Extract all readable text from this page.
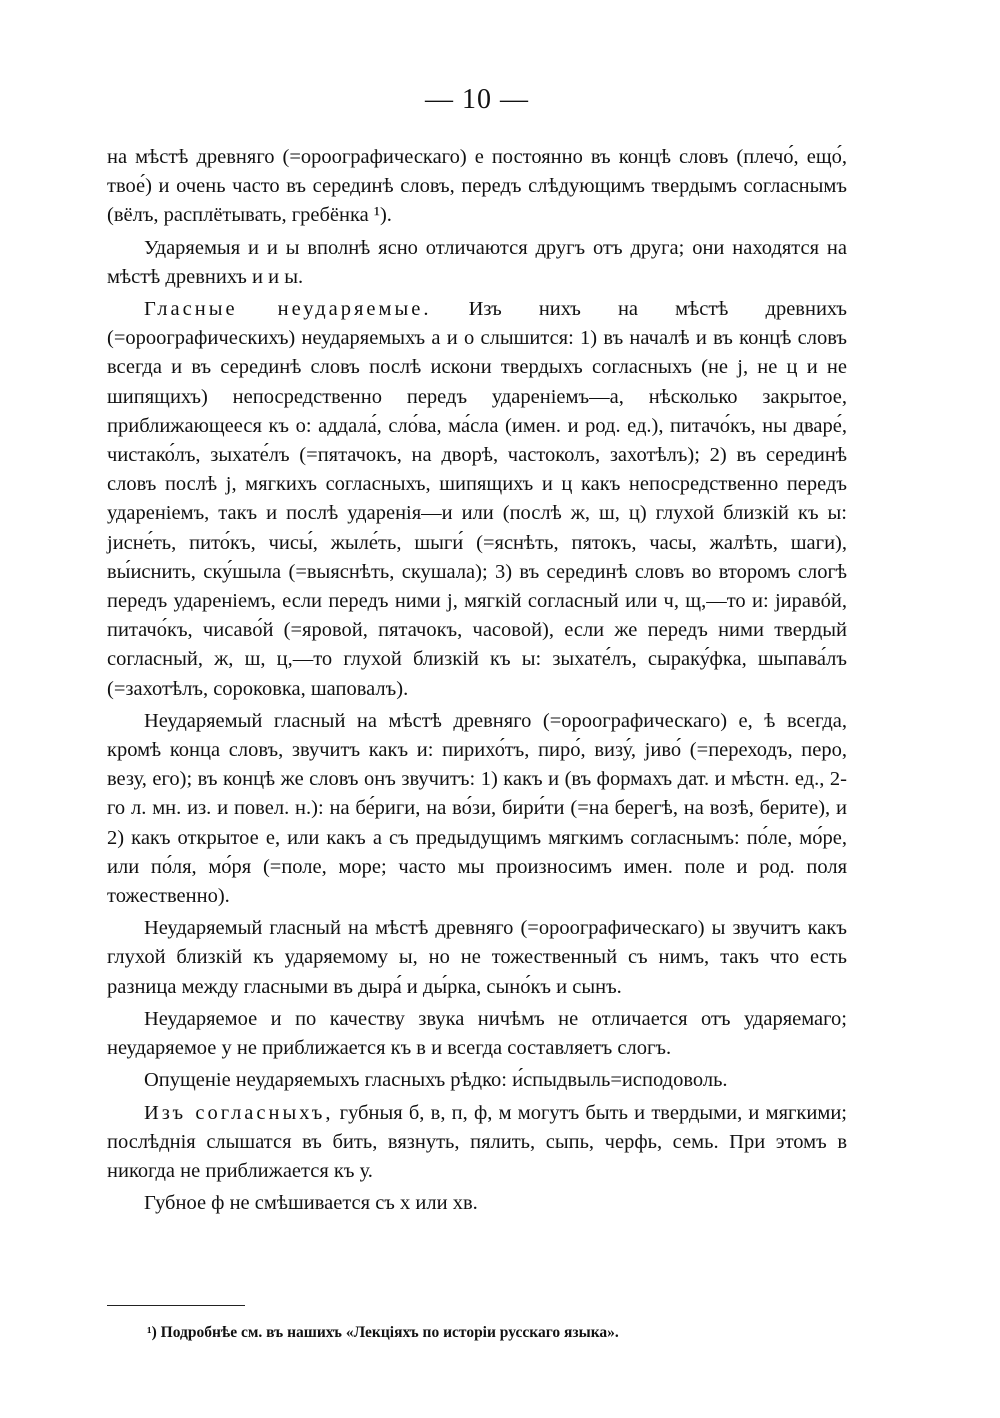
— 10 —

на мѣстѣ древняго (=ороографическаго) е постоянно въ концѣ словъ (плечо́, ещо́, твое́) и очень часто въ серединѣ словъ, передъ слѣдующимъ твердымъ согласнымъ (вёлъ, расплётывать, гребёнка ¹).

Ударяемыя и и ы вполнѣ ясно отличаются другъ отъ друга; они находятся на мѣстѣ древнихъ и и ы.

Гласные неударяемые. Изъ нихъ на мѣстѣ древнихъ (=ороографическихъ) неударяемыхъ а и о слышится: 1) въ началѣ и въ концѣ словъ всегда и въ серединѣ словъ послѣ искони твердыхъ согласныхъ (не j, не ц и не шипящихъ) непосредственно передъ удареніемъ—а, нѣсколько закрытое, приближающееся къ о: аддала́, сло́ва, ма́сла (имен. и род. ед.), питачо́къ, ны дваре́, чистако́лъ, зыхате́лъ (=пятачокъ, на дворѣ, частоколъ, захотѣлъ); 2) въ серединѣ словъ послѣ j, мягкихъ согласныхъ, шипящихъ и ц какъ непосредственно передъ удареніемъ, такъ и послѣ ударенія—и или (послѣ ж, ш, ц) глухой близкій къ ы: jисне́ть, пито́къ, чисы́, жыле́ть, шыги́ (=яснѣть, пятокъ, часы, жалѣть, шаги), вы́иснить, ску́шыла (=выяснѣть, скушала); 3) въ серединѣ словъ во второмъ слогѣ передъ удареніемъ, если передъ ними j, мягкій согласный или ч, щ,—то и: jиравóй, питачо́къ, чисаво́й (=яровой, пятачокъ, часовой), если же передъ ними твердый согласный, ж, ш, ц,—то глухой близкій къ ы: зыхате́лъ, сыраку́фка, шыпава́лъ (=захотѣлъ, сороковка, шаповалъ).

Неударяемый гласный на мѣстѣ древняго (=ороографическаго) е, ѣ всегда, кромѣ конца словъ, звучитъ какъ и: пирихо́тъ, пиро́, визу́, jиво́ (=переходъ, перо, везу, его); въ концѣ же словъ онъ звучитъ: 1) какъ и (въ формахъ дат. и мѣстн. ед., 2-го л. мн. из. и повел. н.): на бе́риги, на во́зи, бири́ти (=на берегѣ, на возѣ, берите), и 2) какъ открытое е, или какъ а съ предыдущимъ мягкимъ согласнымъ: по́ле, мо́ре, или по́ля, мо́ря (=поле, море; часто мы произносимъ имен. поле и род. поля тожественно).

Неударяемый гласный на мѣстѣ древняго (=ороографическаго) ы звучитъ какъ глухой близкій къ ударяемому ы, но не тожественный съ нимъ, такъ что есть разница между гласными въ дыра́ и ды́рка, сыно́къ и сынъ.

Неударяемое и по качеству звука ничѣмъ не отличается отъ ударяемаго; неударяемое у не приближается къ в и всегда составляетъ слогъ.

Опущеніе неударяемыхъ гласныхъ рѣдко: и́спыдвыль=исподоволь.

Изъ согласныхъ, губныя б, в, п, ф, м могутъ быть и твердыми, и мягкими; послѣднія слышатся въ бить, вязнуть, пялить, сыпь, черфь, семь. При этомъ в никогда не приближается къ у.

Губное ф не смѣшивается съ х или хв.

¹) Подробнѣе см. въ нашихъ «Лекціяхъ по исторіи русскаго языка».
